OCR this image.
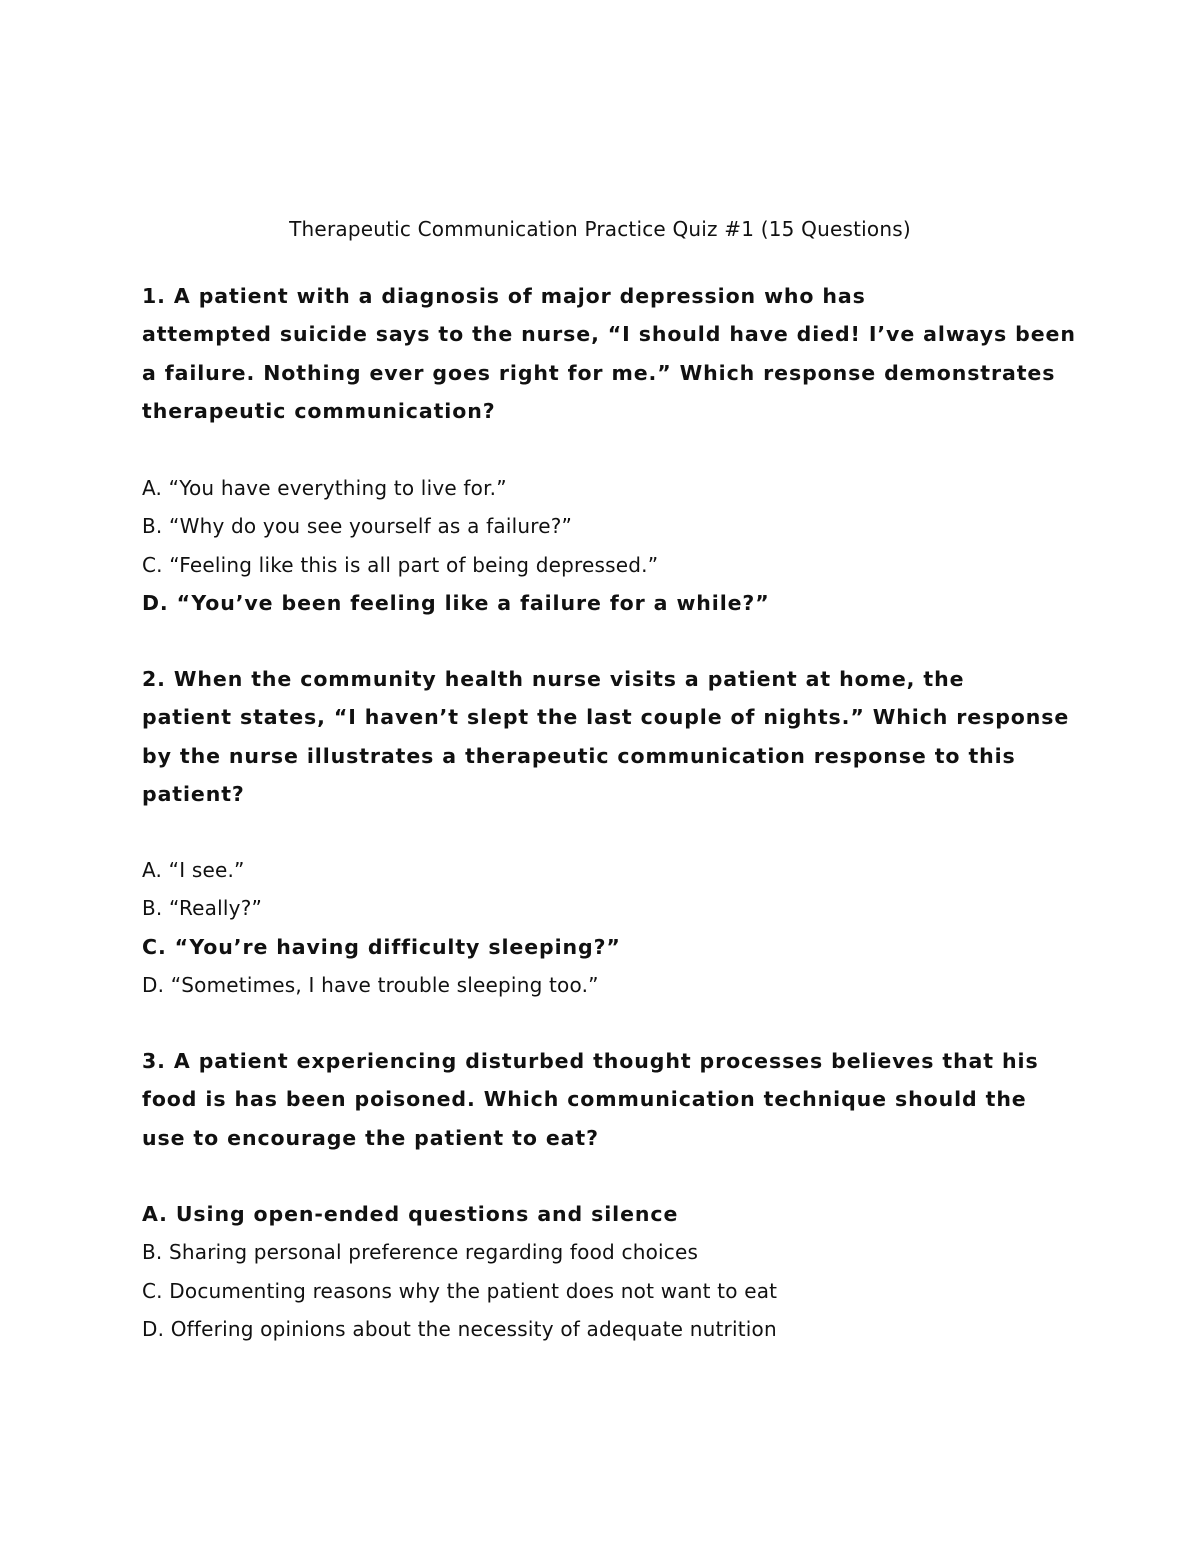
Therapeutic Communication Practice Quiz #1 (15 Questions)

1. A patient with a diagnosis of major depression who has
attempted suicide says to the nurse, “I should have died! I’ve always been
a failure. Nothing ever goes right for me.” Which response demonstrates
therapeutic communication?

A. “You have everything to live for.”
B. “Why do you see yourself as a failure?”
C. “Feeling like this is all part of being depressed.”
D. “You’ve been feeling like a failure for a while?”

2. When the community health nurse visits a patient at home, the
patient states, “I haven’t slept the last couple of nights.” Which response
by the nurse illustrates a therapeutic communication response to this
patient?

A. “I see.”
B. “Really?”
C. “You’re having difficulty sleeping?”
D. “Sometimes, I have trouble sleeping too.”

3. A patient experiencing disturbed thought processes believes that his
food is has been poisoned. Which communication technique should the
use to encourage the patient to eat?

A. Using open-ended questions and silence
B. Sharing personal preference regarding food choices
C. Documenting reasons why the patient does not want to eat
D. Offering opinions about the necessity of adequate nutrition
